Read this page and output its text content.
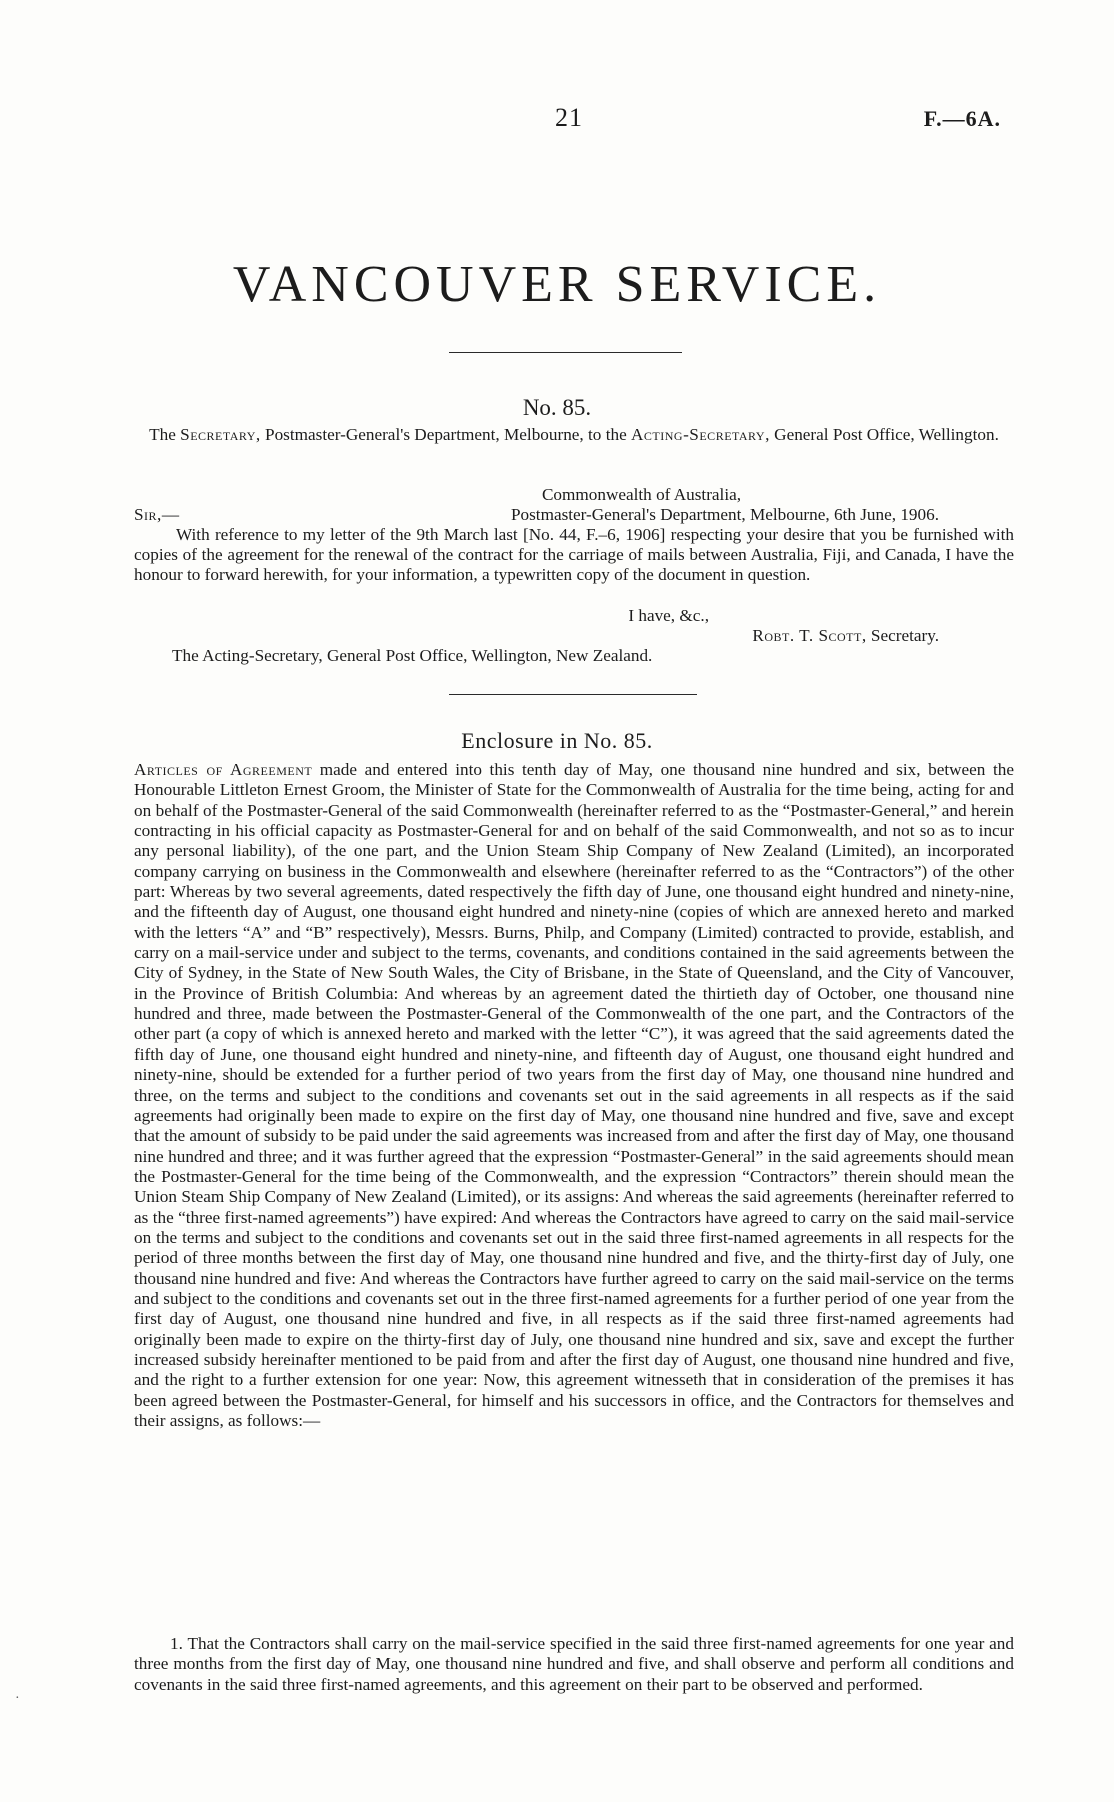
21	F.—6A.
VANCOUVER SERVICE.
No. 85.
The Secretary, Postmaster-General's Department, Melbourne, to the Acting-Secretary, General Post Office, Wellington.
Commonwealth of Australia,
Postmaster-General's Department, Melbourne, 6th June, 1906.
Sir,—
With reference to my letter of the 9th March last [No. 44, F.–6, 1906] respecting your desire that you be furnished with copies of the agreement for the renewal of the contract for the carriage of mails between Australia, Fiji, and Canada, I have the honour to forward herewith, for your information, a typewritten copy of the document in question.
I have, &c.,
Robt. T. Scott, Secretary.
The Acting-Secretary, General Post Office, Wellington, New Zealand.
Enclosure in No. 85.
Articles of Agreement made and entered into this tenth day of May, one thousand nine hundred and six, between the Honourable Littleton Ernest Groom, the Minister of State for the Commonwealth of Australia for the time being, acting for and on behalf of the Postmaster-General of the said Commonwealth (hereinafter referred to as the “Postmaster-General,” and herein contracting in his official capacity as Postmaster-General for and on behalf of the said Commonwealth, and not so as to incur any personal liability), of the one part, and the Union Steam Ship Company of New Zealand (Limited), an incorporated company carrying on business in the Commonwealth and elsewhere (hereinafter referred to as the “Contractors”) of the other part: Whereas by two several agreements, dated respectively the fifth day of June, one thousand eight hundred and ninety-nine, and the fifteenth day of August, one thousand eight hundred and ninety-nine (copies of which are annexed hereto and marked with the letters “A” and “B” respectively), Messrs. Burns, Philp, and Company (Limited) contracted to provide, establish, and carry on a mail-service under and subject to the terms, covenants, and conditions contained in the said agreements between the City of Sydney, in the State of New South Wales, the City of Brisbane, in the State of Queensland, and the City of Vancouver, in the Province of British Columbia: And whereas by an agreement dated the thirtieth day of October, one thousand nine hundred and three, made between the Postmaster-General of the Commonwealth of the one part, and the Contractors of the other part (a copy of which is annexed hereto and marked with the letter “C”), it was agreed that the said agreements dated the fifth day of June, one thousand eight hundred and ninety-nine, and fifteenth day of August, one thousand eight hundred and ninety-nine, should be extended for a further period of two years from the first day of May, one thousand nine hundred and three, on the terms and subject to the conditions and covenants set out in the said agreements in all respects as if the said agreements had originally been made to expire on the first day of May, one thousand nine hundred and five, save and except that the amount of subsidy to be paid under the said agreements was increased from and after the first day of May, one thousand nine hundred and three; and it was further agreed that the expression “Postmaster-General” in the said agreements should mean the Postmaster-General for the time being of the Commonwealth, and the expression “Contractors” therein should mean the Union Steam Ship Company of New Zealand (Limited), or its assigns: And whereas the said agreements (hereinafter referred to as the “three first-named agreements”) have expired: And whereas the Contractors have agreed to carry on the said mail-service on the terms and subject to the conditions and covenants set out in the said three first-named agreements in all respects for the period of three months between the first day of May, one thousand nine hundred and five, and the thirty-first day of July, one thousand nine hundred and five: And whereas the Contractors have further agreed to carry on the said mail-service on the terms and subject to the conditions and covenants set out in the three first-named agreements for a further period of one year from the first day of August, one thousand nine hundred and five, in all respects as if the said three first-named agreements had originally been made to expire on the thirty-first day of July, one thousand nine hundred and six, save and except the further increased subsidy hereinafter mentioned to be paid from and after the first day of August, one thousand nine hundred and five, and the right to a further extension for one year: Now, this agreement witnesseth that in consideration of the premises it has been agreed between the Postmaster-General, for himself and his successors in office, and the Contractors for themselves and their assigns, as follows:—
1. That the Contractors shall carry on the mail-service specified in the said three first-named agreements for one year and three months from the first day of May, one thousand nine hundred and five, and shall observe and perform all conditions and covenants in the said three first-named agreements, and this agreement on their part to be observed and performed.
·
